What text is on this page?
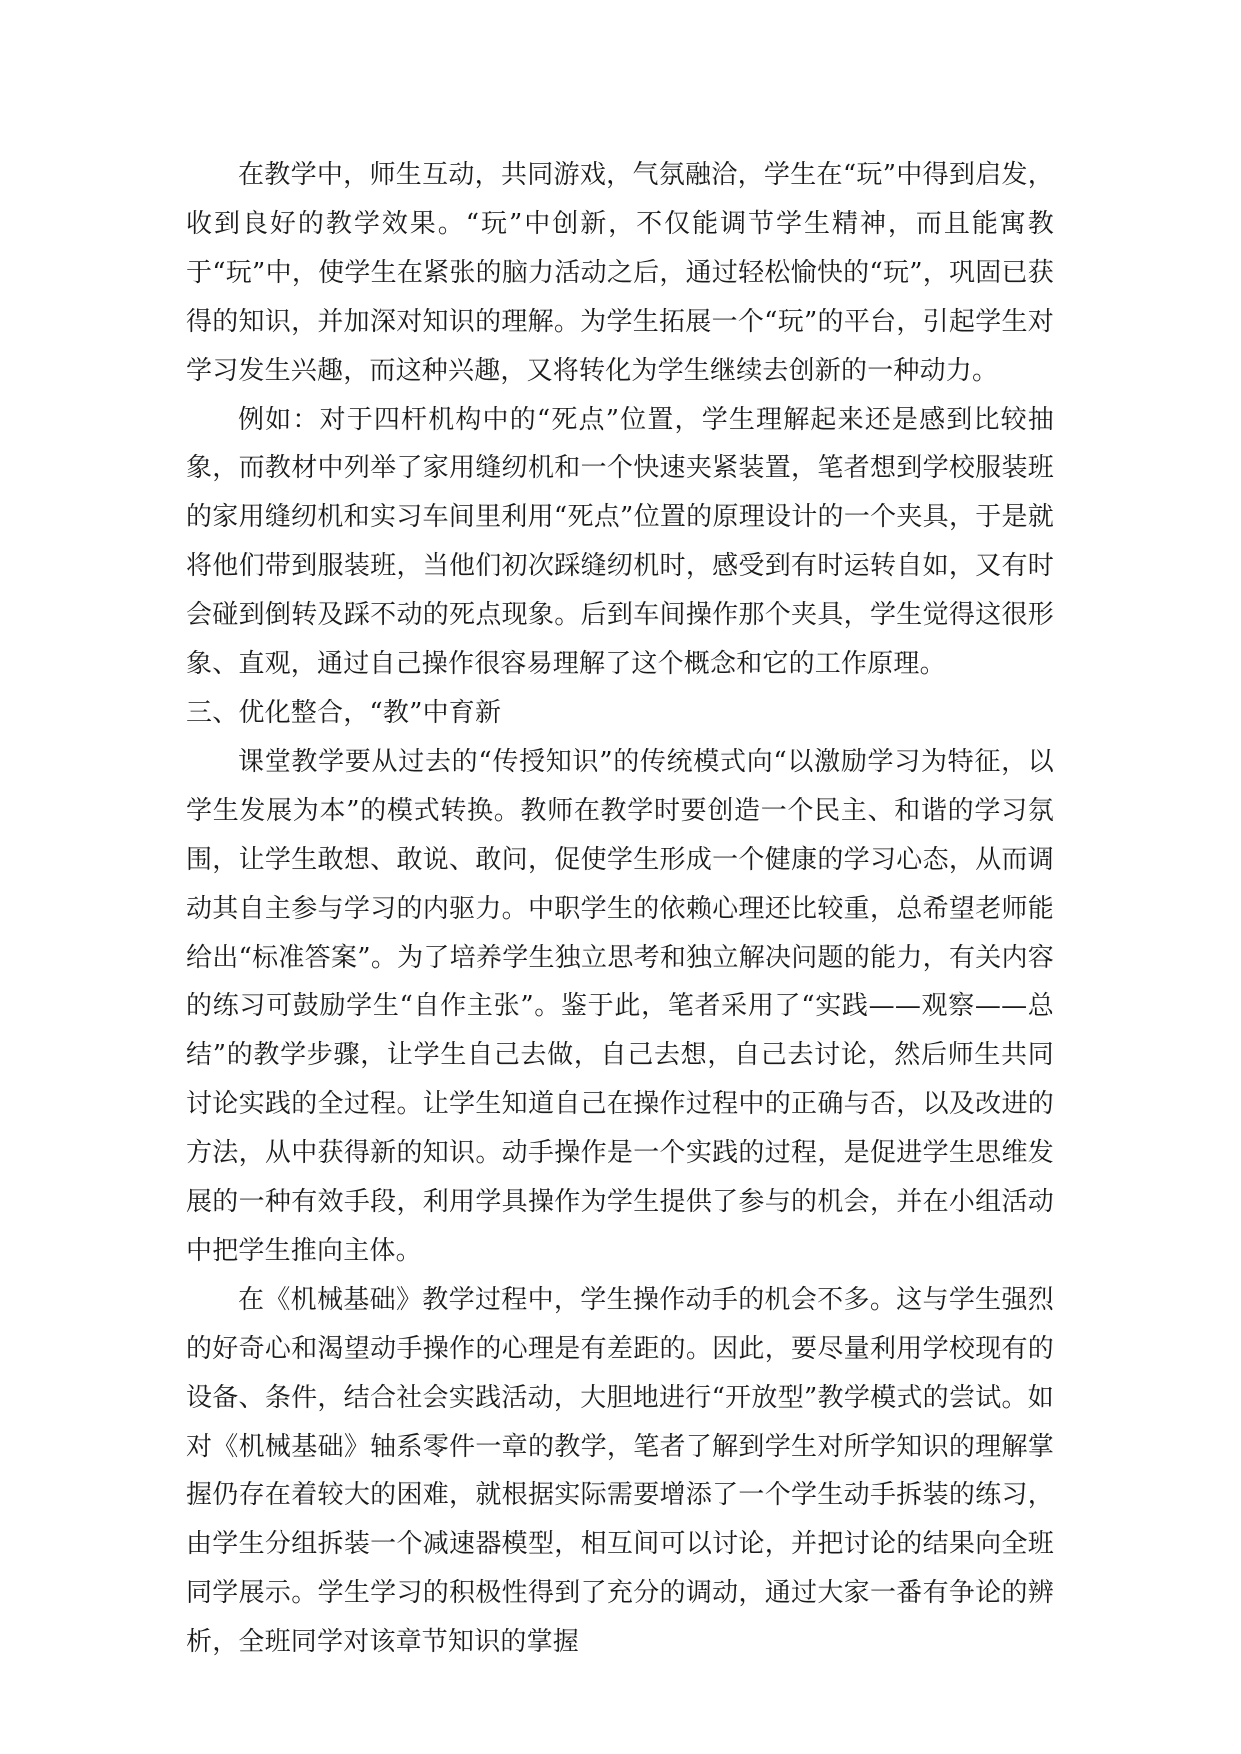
在教学中，师生互动，共同游戏，气氛融洽，学生在“玩”中得到启发，收到良好的教学效果。“玩”中创新，不仅能调节学生精神，而且能寓教于“玩”中，使学生在紧张的脑力活动之后，通过轻松愉快的“玩”，巩固已获得的知识，并加深对知识的理解。为学生拓展一个“玩”的平台，引起学生对学习发生兴趣，而这种兴趣，又将转化为学生继续去创新的一种动力。

例如：对于四杆机构中的“死点”位置，学生理解起来还是感到比较抽象，而教材中列举了家用缝纫机和一个快速夹紧装置，笔者想到学校服装班的家用缝纫机和实习车间里利用“死点”位置的原理设计的一个夹具，于是就将他们带到服装班，当他们初次踩缝纫机时，感受到有时运转自如，又有时会碰到倒转及踩不动的死点现象。后到车间操作那个夹具，学生觉得这很形象、直观，通过自己操作很容易理解了这个概念和它的工作原理。

三、优化整合，“教”中育新

课堂教学要从过去的“传授知识”的传统模式向“以激励学习为特征，以学生发展为本”的模式转换。教师在教学时要创造一个民主、和谐的学习氛围，让学生敢想、敢说、敢问，促使学生形成一个健康的学习心态，从而调动其自主参与学习的内驱力。中职学生的依赖心理还比较重，总希望老师能给出“标准答案”。为了培养学生独立思考和独立解决问题的能力，有关内容的练习可鼓励学生“自作主张”。鉴于此，笔者采用了“实践——观察——总结”的教学步骤，让学生自己去做，自己去想，自己去讨论，然后师生共同讨论实践的全过程。让学生知道自己在操作过程中的正确与否，以及改进的方法，从中获得新的知识。动手操作是一个实践的过程，是促进学生思维发展的一种有效手段，利用学具操作为学生提供了参与的机会，并在小组活动中把学生推向主体。

在《机械基础》教学过程中，学生操作动手的机会不多。这与学生强烈的好奇心和渴望动手操作的心理是有差距的。因此，要尽量利用学校现有的设备、条件，结合社会实践活动，大胆地进行“开放型”教学模式的尝试。如对《机械基础》轴系零件一章的教学，笔者了解到学生对所学知识的理解掌握仍存在着较大的困难，就根据实际需要增添了一个学生动手拆装的练习，由学生分组拆装一个减速器模型，相互间可以讨论，并把讨论的结果向全班同学展示。学生学习的积极性得到了充分的调动，通过大家一番有争论的辨析，全班同学对该章节知识的掌握
